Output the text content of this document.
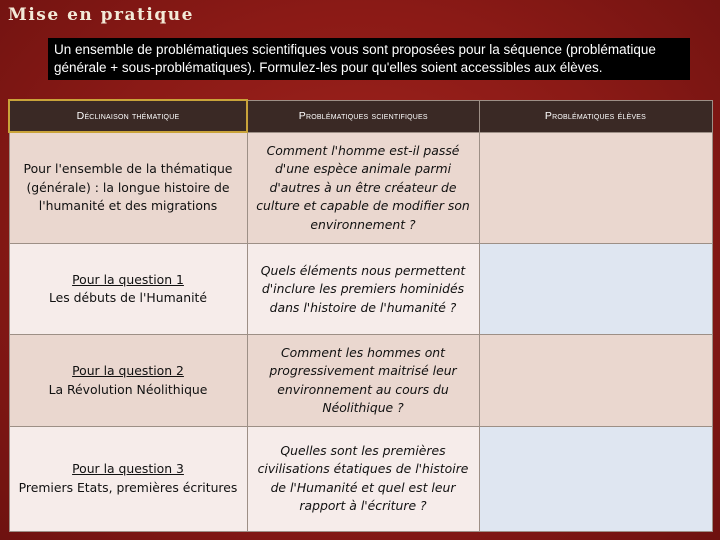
Mise en pratique
Un ensemble de problématiques scientifiques vous sont proposées pour la séquence (problématique générale + sous-problématiques). Formulez-les pour qu'elles soient accessibles aux élèves.
Déclinaison thématique	Problématiques scientifiques	Problématiques élèves
Pour l'ensemble de la thématique (générale) : la longue histoire de l'humanité et des migrations	Comment l'homme est-il passé d'une espèce animale parmi d'autres à un être créateur de culture et capable de modifier son environnement ?	
Pour la question 1
Les débuts de l'Humanité	Quels éléments nous permettent d'inclure les premiers hominidés dans l'histoire de l'humanité ?	
Pour la question 2
La Révolution Néolithique	Comment les hommes ont progressivement maitrisé leur environnement au cours du Néolithique ?	
Pour la question 3
Premiers Etats, premières écritures	Quelles sont les premières civilisations étatiques de l'histoire de l'Humanité et quel est leur rapport à l'écriture ?	
